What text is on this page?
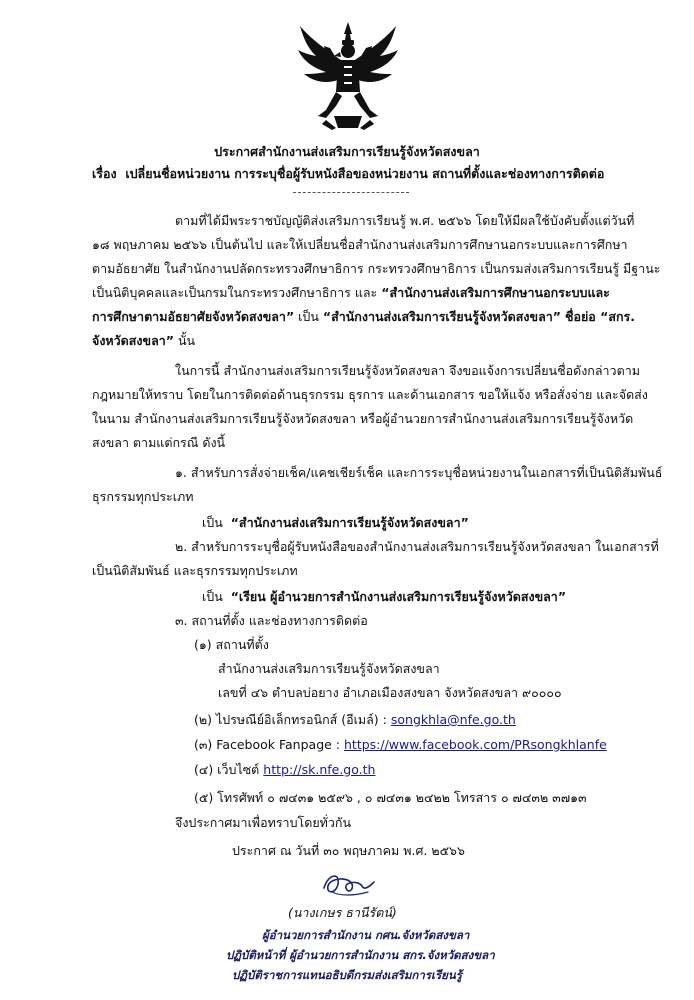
ประกาศสำนักงานส่งเสริมการเรียนรู้จังหวัดสงขลา
เรื่อง เปลี่ยนชื่อหน่วยงาน การระบุชื่อผู้รับหนังสือของหน่วยงาน สถานที่ตั้งและช่องทางการติดต่อ
ตามที่ได้มีพระราชบัญญัติส่งเสริมการเรียนรู้ พ.ศ. ๒๕๖๖ โดยให้มีผลใช้บังคับตั้งแต่วันที่
๑๘ พฤษภาคม ๒๕๖๖ เป็นต้นไป และให้เปลี่ยนชื่อสำนักงานส่งเสริมการศึกษานอกระบบและการศึกษา
ตามอัธยาศัย ในสำนักงานปลัดกระทรวงศึกษาธิการ กระทรวงศึกษาธิการ เป็นกรมส่งเสริมการเรียนรู้ มีฐานะ
เป็นนิติบุคคลและเป็นกรมในกระทรวงศึกษาธิการ และ “สำนักงานส่งเสริมการศึกษานอกระบบและ
การศึกษาตามอัธยาศัยจังหวัดสงขลา” เป็น “สำนักงานส่งเสริมการเรียนรู้จังหวัดสงขลา” ชื่อย่อ “สกร.
จังหวัดสงขลา” นั้น
ในการนี้ สำนักงานส่งเสริมการเรียนรู้จังหวัดสงขลา จึงขอแจ้งการเปลี่ยนชื่อดังกล่าวตาม
กฎหมายให้ทราบ โดยในการติดต่อด้านธุรกรรม ธุรการ และด้านเอกสาร ขอให้แจ้ง หรือสั่งจ่าย และจัดส่ง
ในนาม สำนักงานส่งเสริมการเรียนรู้จังหวัดสงขลา หรือผู้อำนวยการสำนักงานส่งเสริมการเรียนรู้จังหวัด
สงขลา ตามแต่กรณี ดังนี้
๑. สำหรับการสั่งจ่ายเช็ค/แคชเชียร์เช็ค และการระบุชื่อหน่วยงานในเอกสารที่เป็นนิติสัมพันธ์
ธุรกรรมทุกประเภท
เป็น “สำนักงานส่งเสริมการเรียนรู้จังหวัดสงขลา”
๒. สำหรับการระบุชื่อผู้รับหนังสือของสำนักงานส่งเสริมการเรียนรู้จังหวัดสงขลา ในเอกสารที่
เป็นนิติสัมพันธ์ และธุรกรรมทุกประเภท
เป็น “เรียน ผู้อำนวยการสำนักงานส่งเสริมการเรียนรู้จังหวัดสงขลา”
๓. สถานที่ตั้ง และช่องทางการติดต่อ
(๑) สถานที่ตั้ง
สำนักงานส่งเสริมการเรียนรู้จังหวัดสงขลา
เลขที่ ๔๖ ตำบลบ่อยาง อำเภอเมืองสงขลา จังหวัดสงขลา ๙๐๐๐๐
(๒) ไปรษณีย์อิเล็กทรอนิกส์ (อีเมล์) : songkhla@nfe.go.th
(๓) Facebook Fanpage : https://www.facebook.com/PRsongkhlanfe
(๔) เว็บไซต์ http://sk.nfe.go.th
(๕) โทรศัพท์ ๐ ๗๔๓๑ ๒๕๙๖ , ๐ ๗๔๓๑ ๒๔๒๒ โทรสาร ๐ ๗๔๓๒ ๓๗๑๓
จึงประกาศมาเพื่อทราบโดยทั่วกัน
ประกาศ ณ วันที่ ๓๐ พฤษภาคม พ.ศ. ๒๕๖๖
(นางเกษร ธานีรัตน์)
ผู้อำนวยการสำนักงาน กศน.จังหวัดสงขลา
ปฏิบัติหน้าที่ ผู้อำนวยการสำนักงาน สกร.จังหวัดสงขลา
ปฏิบัติราชการแทนอธิบดีกรมส่งเสริมการเรียนรู้
